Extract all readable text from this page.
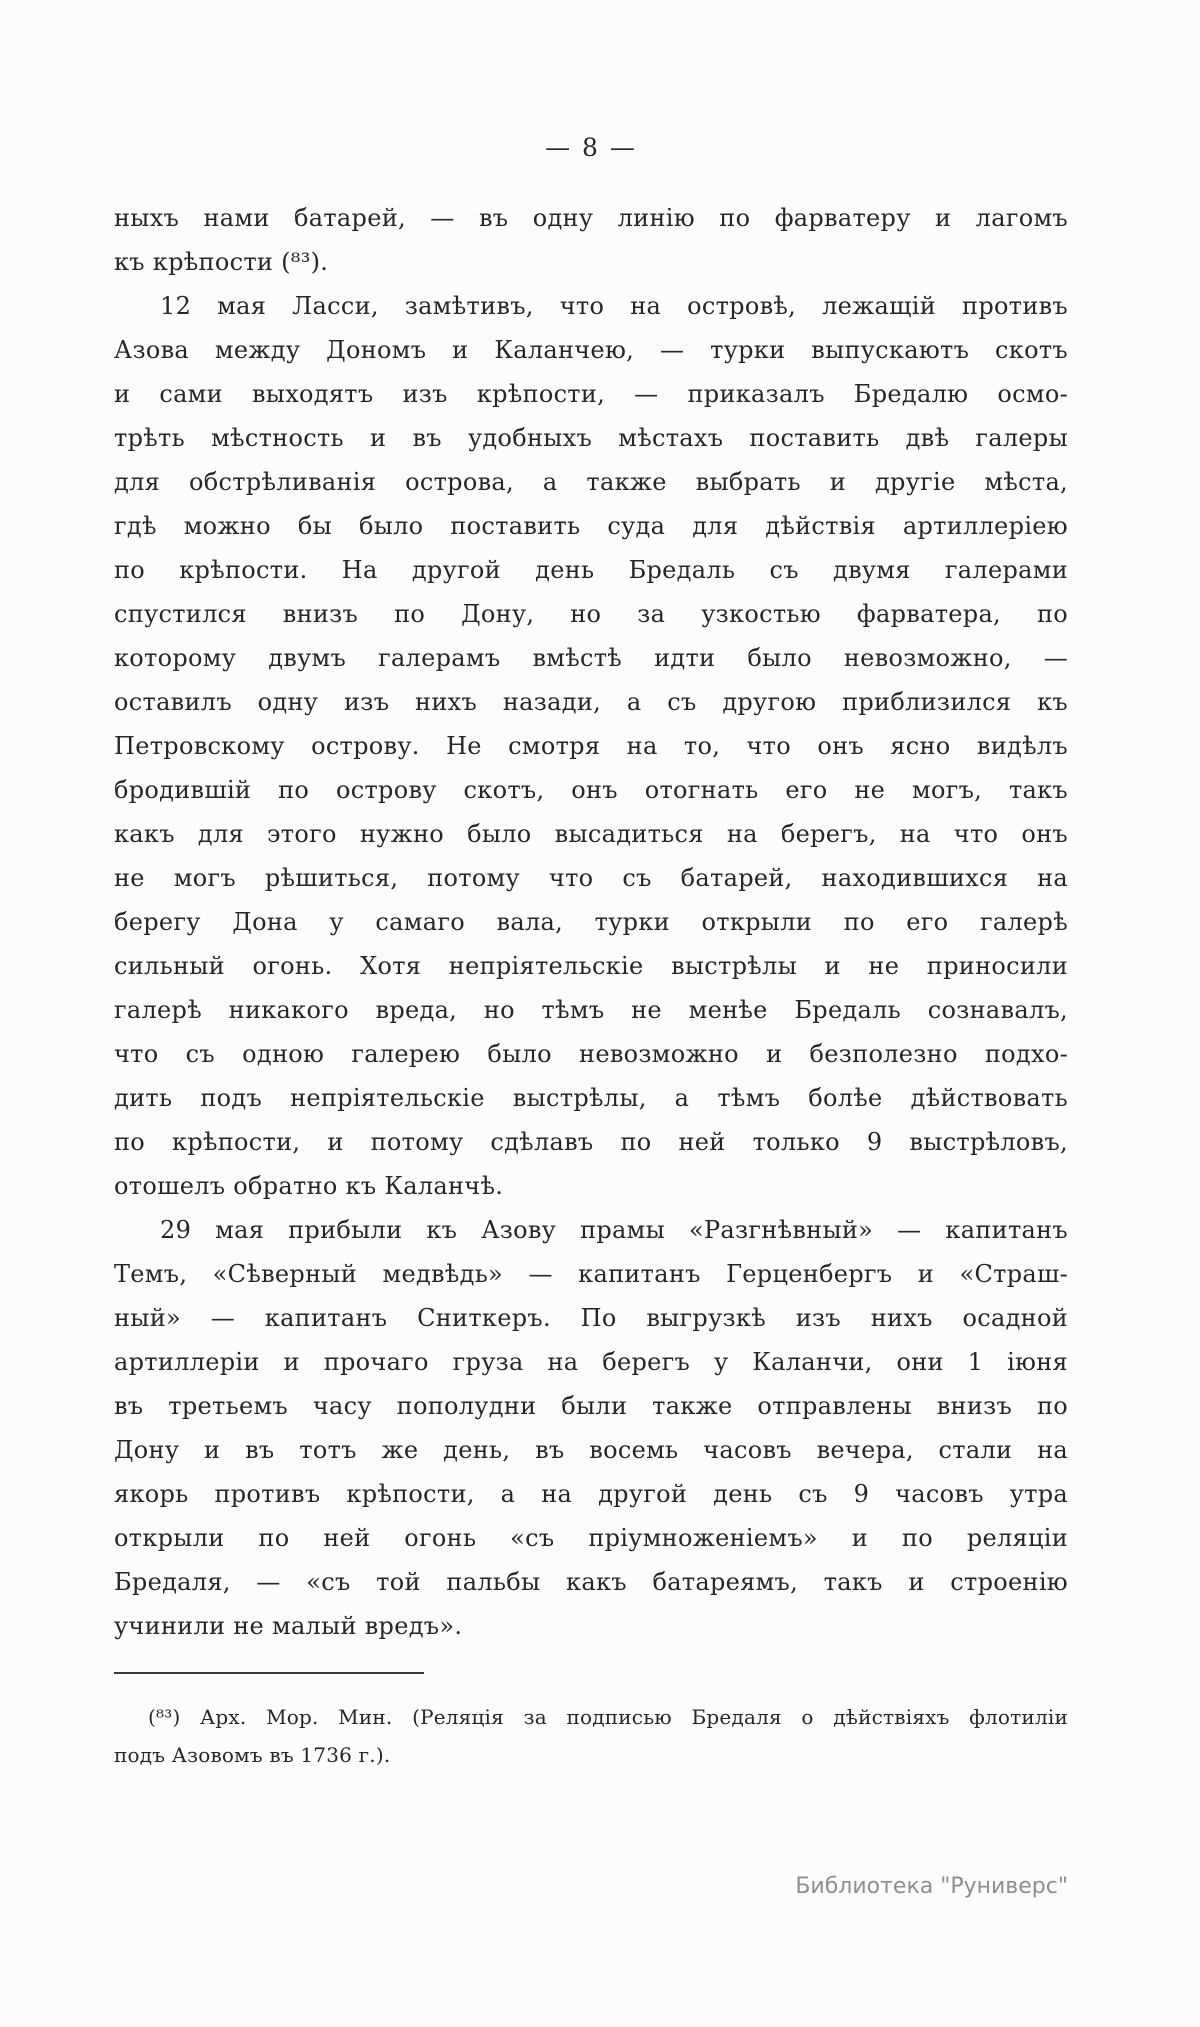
— 8 —
ныхъ нами батарей, — въ одну линію по фарватеру и лагомъ
къ крѣпости (⁸³).
12 мая Ласси, замѣтивъ, что на островѣ, лежащій противъ
Азова между Дономъ и Каланчею, — турки выпускаютъ скотъ
и сами выходятъ изъ крѣпости, — приказалъ Бредалю осмо-
трѣть мѣстность и въ удобныхъ мѣстахъ поставить двѣ галеры
для обстрѣливанія острова, а также выбрать и другіе мѣста,
гдѣ можно бы было поставить суда для дѣйствія артиллеріею
по крѣпости. На другой день Бредаль съ двумя галерами
спустился внизъ по Дону, но за узкостью фарватера, по
которому двумъ галерамъ вмѣстѣ идти было невозможно, —
оставилъ одну изъ нихъ назади, а съ другою приблизился къ
Петровскому острову. Не смотря на то, что онъ ясно видѣлъ
бродившій по острову скотъ, онъ отогнать его не могъ, такъ
какъ для этого нужно было высадиться на берегъ, на что онъ
не могъ рѣшиться, потому что съ батарей, находившихся на
берегу Дона у самаго вала, турки открыли по его галерѣ
сильный огонь. Хотя непріятельскіе выстрѣлы и не приносили
галерѣ никакого вреда, но тѣмъ не менѣе Бредаль сознавалъ,
что съ одною галерею было невозможно и безполезно подхо-
дить подъ непріятельскіе выстрѣлы, а тѣмъ болѣе дѣйствовать
по крѣпости, и потому сдѣлавъ по ней только 9 выстрѣловъ,
отошелъ обратно къ Каланчѣ.
29 мая прибыли къ Азову прамы «Разгнѣвный» — капитанъ
Темъ, «Сѣверный медвѣдь» — капитанъ Герценбергъ и «Страш-
ный» — капитанъ Сниткеръ. По выгрузкѣ изъ нихъ осадной
артиллеріи и прочаго груза на берегъ у Каланчи, они 1 іюня
въ третьемъ часу пополудни были также отправлены внизъ по
Дону и въ тотъ же день, въ восемь часовъ вечера, стали на
якорь противъ крѣпости, а на другой день съ 9 часовъ утра
открыли по ней огонь «съ пріумноженіемъ» и по реляціи
Бредаля, — «съ той пальбы какъ батареямъ, такъ и строенію
учинили не малый вредъ».
(⁸³) Арх. Мор. Мин. (Реляція за подписью Бредаля о дѣйствіяхъ флотиліи
подъ Азовомъ въ 1736 г.).
Библиотека "Руниверс"
